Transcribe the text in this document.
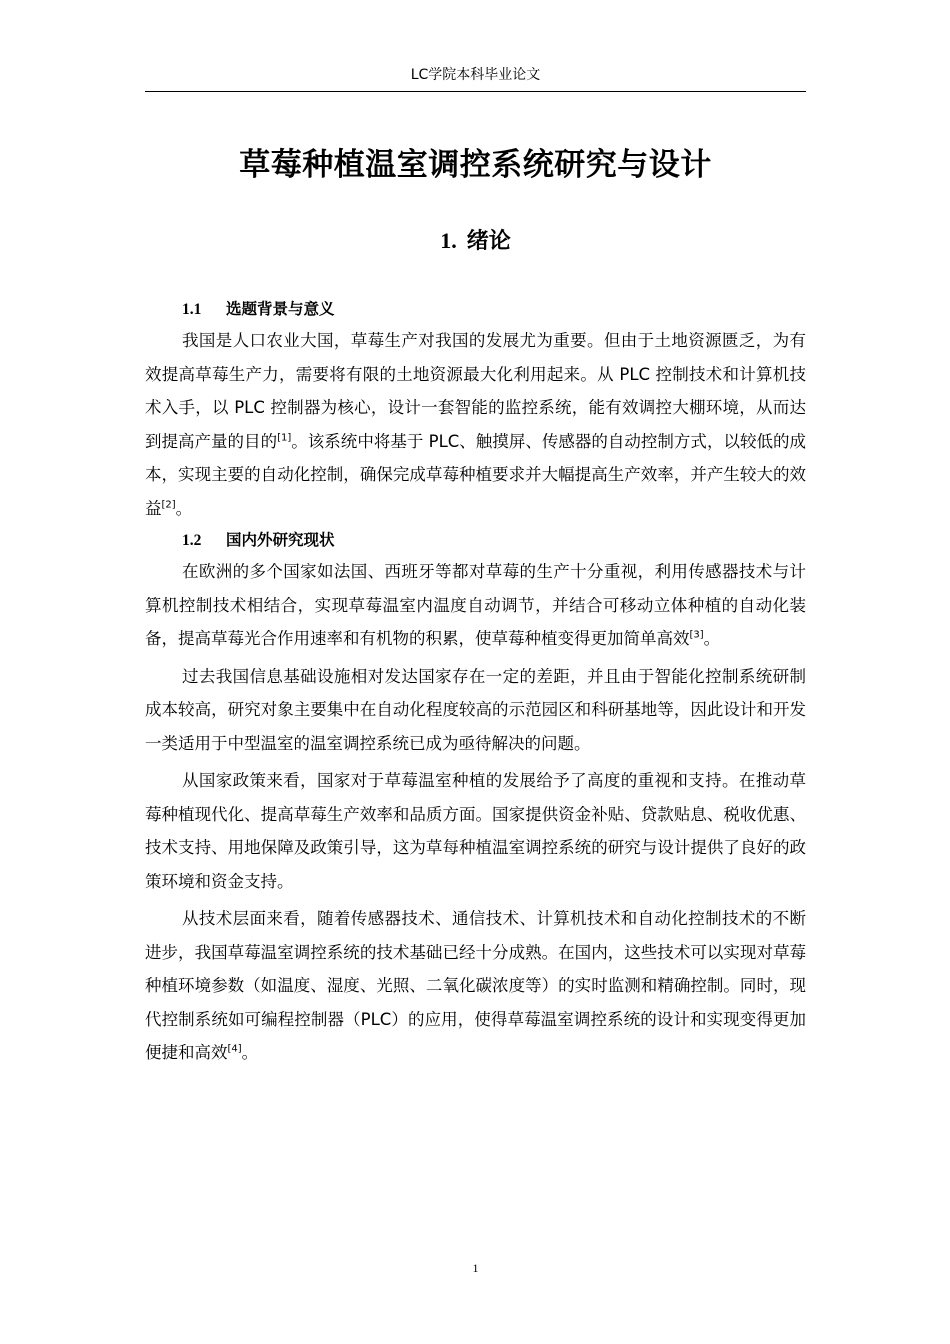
LC学院本科毕业论文
草莓种植温室调控系统研究与设计
1. 绪论
1.1 选题背景与意义

我国是人口农业大国，草莓生产对我国的发展尤为重要。但由于土地资源匮乏，为有效提高草莓生产力，需要将有限的土地资源最大化利用起来。从 PLC 控制技术和计算机技术入手，以 PLC 控制器为核心，设计一套智能的监控系统，能有效调控大棚环境，从而达到提高产量的目的[1]。该系统中将基于 PLC、触摸屏、传感器的自动控制方式，以较低的成本，实现主要的自动化控制，确保完成草莓种植要求并大幅提高生产效率，并产生较大的效益[2]。

1.2 国内外研究现状

在欧洲的多个国家如法国、西班牙等都对草莓的生产十分重视，利用传感器技术与计算机控制技术相结合，实现草莓温室内温度自动调节，并结合可移动立体种植的自动化装备，提高草莓光合作用速率和有机物的积累，使草莓种植变得更加简单高效[3]。

过去我国信息基础设施相对发达国家存在一定的差距，并且由于智能化控制系统研制成本较高，研究对象主要集中在自动化程度较高的示范园区和科研基地等，因此设计和开发一类适用于中型温室的温室调控系统已成为亟待解决的问题。

从国家政策来看，国家对于草莓温室种植的发展给予了高度的重视和支持。在推动草莓种植现代化、提高草莓生产效率和品质方面。国家提供资金补贴、贷款贴息、税收优惠、技术支持、用地保障及政策引导，这为草每种植温室调控系统的研究与设计提供了良好的政策环境和资金支持。

从技术层面来看，随着传感器技术、通信技术、计算机技术和自动化控制技术的不断进步，我国草莓温室调控系统的技术基础已经十分成熟。在国内，这些技术可以实现对草莓种植环境参数（如温度、湿度、光照、二氧化碳浓度等）的实时监测和精确控制。同时，现代控制系统如可编程控制器（PLC）的应用，使得草莓温室调控系统的设计和实现变得更加便捷和高效[4]。

1
